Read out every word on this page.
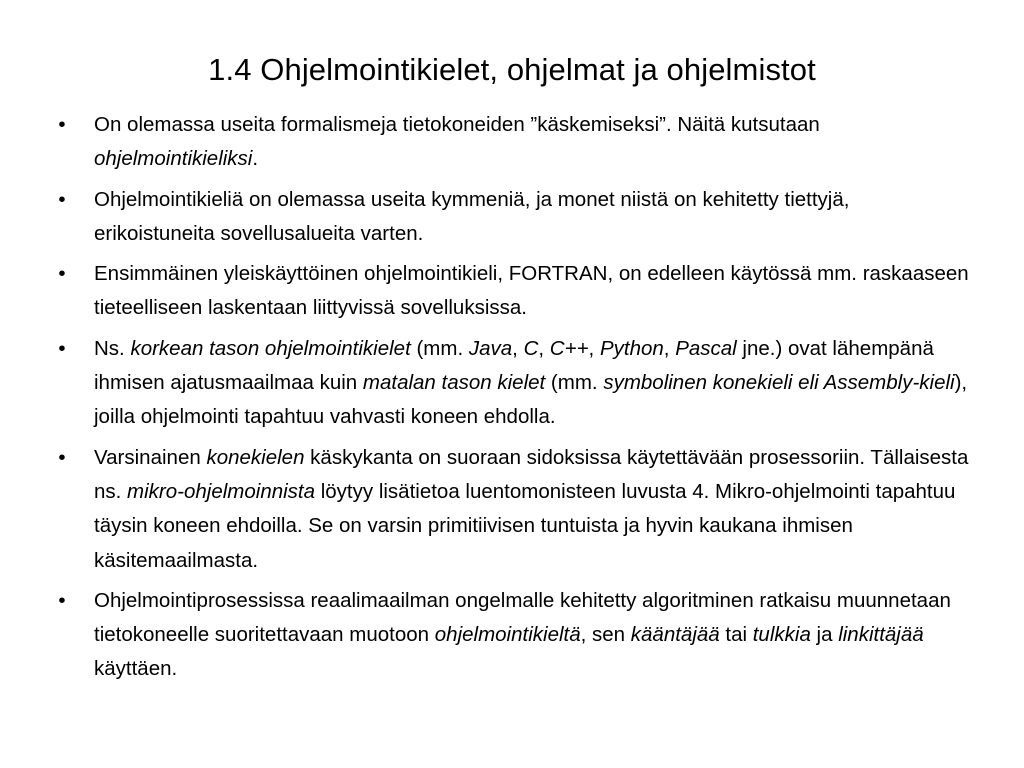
1.4 Ohjelmointikielet, ohjelmat ja ohjelmistot
•	On olemassa useita formalismeja tietokoneiden ”käskemiseksi”. Näitä kutsutaan ohjelmointikieliksi.
•	Ohjelmointikieliä on olemassa useita kymmeniä, ja monet niistä on kehitetty tiettyjä, erikoistuneita sovellusalueita varten.
•	Ensimmäinen yleiskäyttöinen ohjelmointikieli, FORTRAN, on edelleen käytössä mm. raskaaseen tieteelliseen laskentaan liittyvissä sovelluksissa.
•	Ns. korkean tason ohjelmointikielet (mm. Java, C, C++, Python, Pascal jne.) ovat lähempänä ihmisen ajatusmaailmaa kuin matalan tason kielet (mm. symbolinen konekieli eli Assembly-kieli), joilla ohjelmointi tapahtuu vahvasti koneen ehdolla.
•	Varsinainen konekielen käskykanta on suoraan sidoksissa käytettävään prosessoriin. Tällaisesta ns. mikro-ohjelmoinnista löytyy lisätietoa luentomonisteen luvusta 4. Mikro-ohjelmointi tapahtuu täysin koneen ehdoilla. Se on varsin primitiivisen tuntuista ja hyvin kaukana ihmisen käsitemaailmasta.
•	Ohjelmointiprosessissa reaalimaailman ongelmalle kehitetty algoritminen ratkaisu muunnetaan tietokoneelle suoritettavaan muotoon ohjelmointikieltä, sen kääntäjää tai tulkkia ja linkittäjää käyttäen.
